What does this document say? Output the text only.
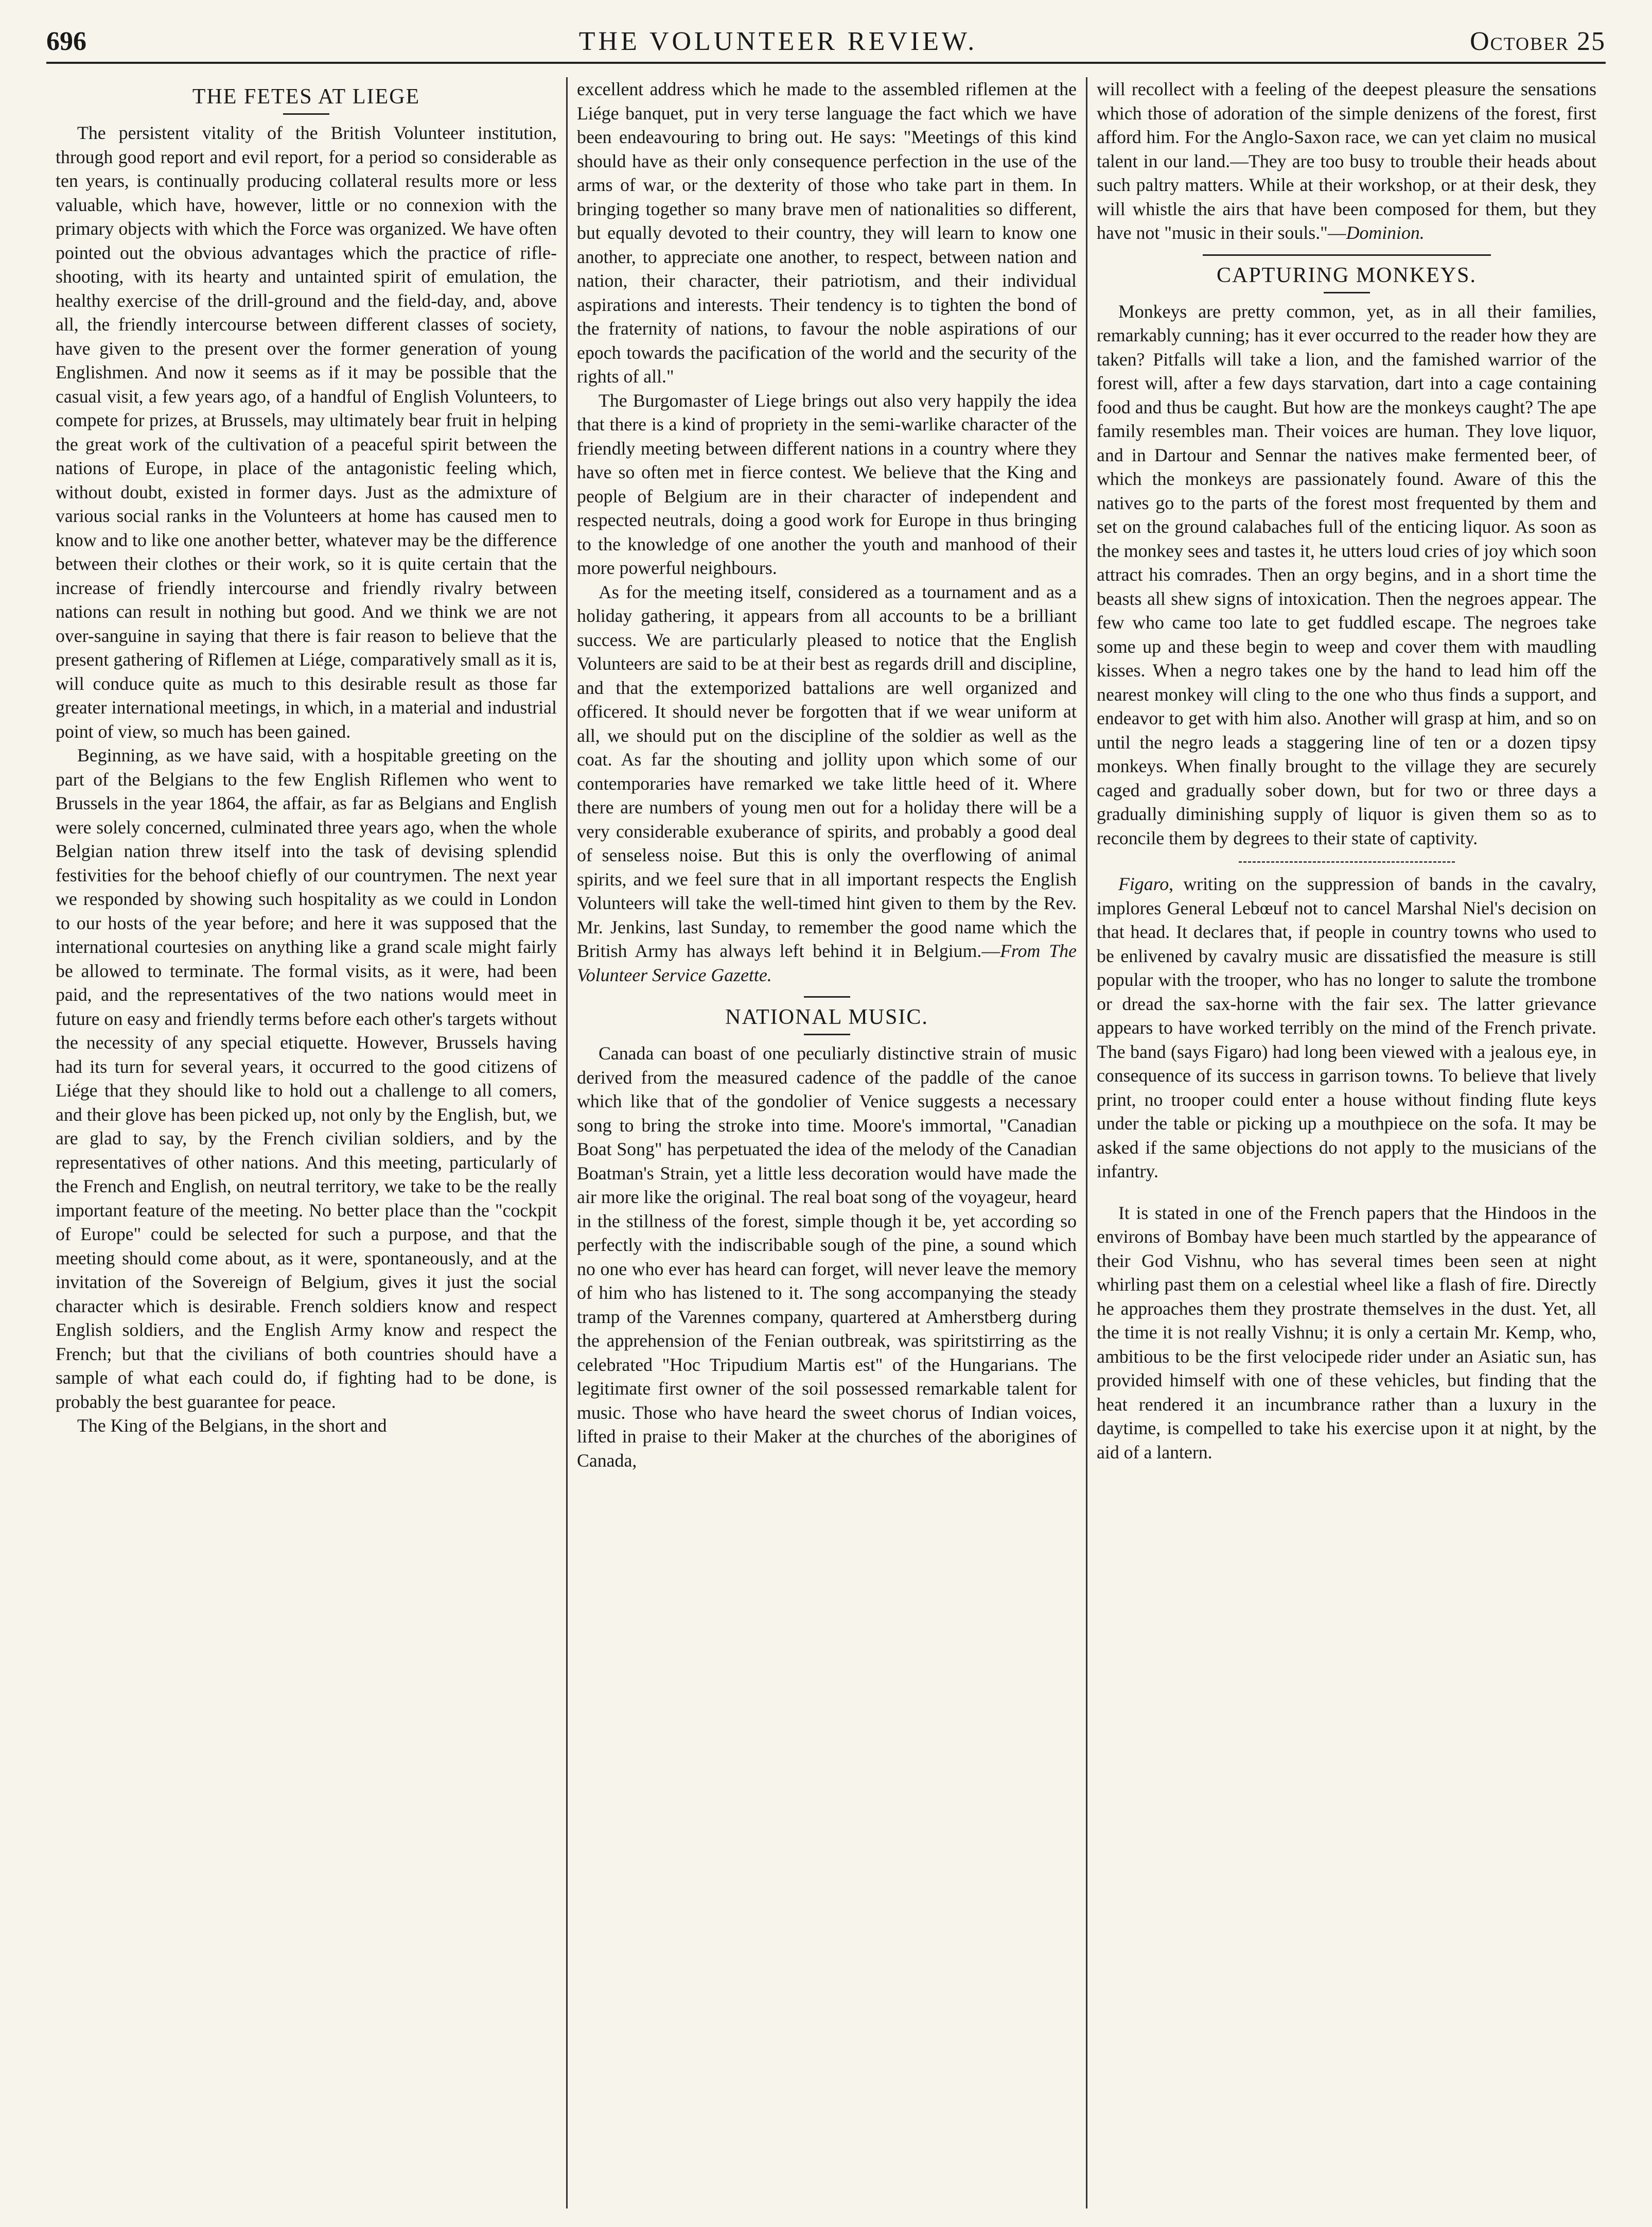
696	THE VOLUNTEER REVIEW.	October 25
THE FETES AT LIEGE

The persistent vitality of the British Volunteer institution, through good report and evil report, for a period so considerable as ten years, is continually producing collateral results more or less valuable, which have, however, little or no connexion with the primary objects with which the Force was organized. We have often pointed out the obvious advantages which the practice of rifle-shooting, with its hearty and untainted spirit of emulation, the healthy exercise of the drill-ground and the field-day, and, above all, the friendly intercourse between different classes of society, have given to the present over the former generation of young Englishmen. And now it seems as if it may be possible that the casual visit, a few years ago, of a handful of English Volunteers, to compete for prizes, at Brussels, may ultimately bear fruit in helping the great work of the cultivation of a peaceful spirit between the nations of Europe, in place of the antagonistic feeling which, without doubt, existed in former days. Just as the admixture of various social ranks in the Volunteers at home has caused men to know and to like one another better, whatever may be the difference between their clothes or their work, so it is quite certain that the increase of friendly intercourse and friendly rivalry between nations can result in nothing but good. And we think we are not over-sanguine in saying that there is fair reason to believe that the present gathering of Riflemen at Liége, comparatively small as it is, will conduce quite as much to this desirable result as those far greater international meetings, in which, in a material and industrial point of view, so much has been gained.

Beginning, as we have said, with a hospitable greeting on the part of the Belgians to the few English Riflemen who went to Brussels in the year 1864, the affair, as far as Belgians and English were solely concerned, culminated three years ago, when the whole Belgian nation threw itself into the task of devising splendid festivities for the behoof chiefly of our countrymen. The next year we responded by showing such hospitality as we could in London to our hosts of the year before; and here it was supposed that the international courtesies on anything like a grand scale might fairly be allowed to terminate. The formal visits, as it were, had been paid, and the representatives of the two nations would meet in future on easy and friendly terms before each other's targets without the necessity of any special etiquette. However, Brussels having had its turn for several years, it occurred to the good citizens of Liége that they should like to hold out a challenge to all comers, and their glove has been picked up, not only by the English, but, we are glad to say, by the French civilian soldiers, and by the representatives of other nations. And this meeting, particularly of the French and English, on neutral territory, we take to be the really important feature of the meeting. No better place than the "cockpit of Europe" could be selected for such a purpose, and that the meeting should come about, as it were, spontaneously, and at the invitation of the Sovereign of Belgium, gives it just the social character which is desirable. French soldiers know and respect English soldiers, and the English Army know and respect the French; but that the civilians of both countries should have a sample of what each could do, if fighting had to be done, is probably the best guarantee for peace.

The King of the Belgians, in the short and

excellent address which he made to the assembled riflemen at the Liége banquet, put in very terse language the fact which we have been endeavouring to bring out. He says: "Meetings of this kind should have as their only consequence perfection in the use of the arms of war, or the dexterity of those who take part in them. In bringing together so many brave men of nationalities so different, but equally devoted to their country, they will learn to know one another, to appreciate one another, to respect, between nation and nation, their character, their patriotism, and their individual aspirations and interests. Their tendency is to tighten the bond of the fraternity of nations, to favour the noble aspirations of our epoch towards the pacification of the world and the security of the rights of all."

The Burgomaster of Liege brings out also very happily the idea that there is a kind of propriety in the semi-warlike character of the friendly meeting between different nations in a country where they have so often met in fierce contest. We believe that the King and people of Belgium are in their character of independent and respected neutrals, doing a good work for Europe in thus bringing to the knowledge of one another the youth and manhood of their more powerful neighbours.

As for the meeting itself, considered as a tournament and as a holiday gathering, it appears from all accounts to be a brilliant success. We are particularly pleased to notice that the English Volunteers are said to be at their best as regards drill and discipline, and that the extemporized battalions are well organized and officered. It should never be forgotten that if we wear uniform at all, we should put on the discipline of the soldier as well as the coat. As far the shouting and jollity upon which some of our contemporaries have remarked we take little heed of it. Where there are numbers of young men out for a holiday there will be a very considerable exuberance of spirits, and probably a good deal of senseless noise. But this is only the overflowing of animal spirits, and we feel sure that in all important respects the English Volunteers will take the well-timed hint given to them by the Rev. Mr. Jenkins, last Sunday, to remember the good name which the British Army has always left behind it in Belgium.—From The Volunteer Service Gazette.

NATIONAL MUSIC.

Canada can boast of one peculiarly distinctive strain of music derived from the measured cadence of the paddle of the canoe which like that of the gondolier of Venice suggests a necessary song to bring the stroke into time. Moore's immortal, "Canadian Boat Song" has perpetuated the idea of the melody of the Canadian Boatman's Strain, yet a little less decoration would have made the air more like the original. The real boat song of the voyageur, heard in the stillness of the forest, simple though it be, yet according so perfectly with the indiscribable sough of the pine, a sound which no one who ever has heard can forget, will never leave the memory of him who has listened to it. The song accompanying the steady tramp of the Varennes company, quartered at Amherstberg during the apprehension of the Fenian outbreak, was spiritstirring as the celebrated "Hoc Tripudium Martis est" of the Hungarians. The legitimate first owner of the soil possessed remarkable talent for music. Those who have heard the sweet chorus of Indian voices, lifted in praise to their Maker at the churches of the aborigines of Canada,

will recollect with a feeling of the deepest pleasure the sensations which those of adoration of the simple denizens of the forest, first afford him. For the Anglo-Saxon race, we can yet claim no musical talent in our land.—They are too busy to trouble their heads about such paltry matters. While at their workshop, or at their desk, they will whistle the airs that have been composed for them, but they have not "music in their souls."—Dominion.

CAPTURING MONKEYS.

Monkeys are pretty common, yet, as in all their families, remarkably cunning; has it ever occurred to the reader how they are taken? Pitfalls will take a lion, and the famished warrior of the forest will, after a few days starvation, dart into a cage containing food and thus be caught. But how are the monkeys caught? The ape family resembles man. Their voices are human. They love liquor, and in Dartour and Sennar the natives make fermented beer, of which the monkeys are passionately found. Aware of this the natives go to the parts of the forest most frequented by them and set on the ground calabaches full of the enticing liquor. As soon as the monkey sees and tastes it, he utters loud cries of joy which soon attract his comrades. Then an orgy begins, and in a short time the beasts all shew signs of intoxication. Then the negroes appear. The few who came too late to get fuddled escape. The negroes take some up and these begin to weep and cover them with maudling kisses. When a negro takes one by the hand to lead him off the nearest monkey will cling to the one who thus finds a support, and endeavor to get with him also. Another will grasp at him, and so on until the negro leads a staggering line of ten or a dozen tipsy monkeys. When finally brought to the village they are securely caged and gradually sober down, but for two or three days a gradually diminishing supply of liquor is given them so as to reconcile them by degrees to their state of captivity.

Figaro, writing on the suppression of bands in the cavalry, implores General Lebœuf not to cancel Marshal Niel's decision on that head. It declares that, if people in country towns who used to be enlivened by cavalry music are dissatisfied the measure is still popular with the trooper, who has no longer to salute the trombone or dread the sax-horne with the fair sex. The latter grievance appears to have worked terribly on the mind of the French private. The band (says Figaro) had long been viewed with a jealous eye, in consequence of its success in garrison towns. To believe that lively print, no trooper could enter a house without finding flute keys under the table or picking up a mouthpiece on the sofa. It may be asked if the same objections do not apply to the musicians of the infantry.

It is stated in one of the French papers that the Hindoos in the environs of Bombay have been much startled by the appearance of their God Vishnu, who has several times been seen at night whirling past them on a celestial wheel like a flash of fire. Directly he approaches them they prostrate themselves in the dust. Yet, all the time it is not really Vishnu; it is only a certain Mr. Kemp, who, ambitious to be the first velocipede rider under an Asiatic sun, has provided himself with one of these vehicles, but finding that the heat rendered it an incumbrance rather than a luxury in the daytime, is compelled to take his exercise upon it at night, by the aid of a lantern.
